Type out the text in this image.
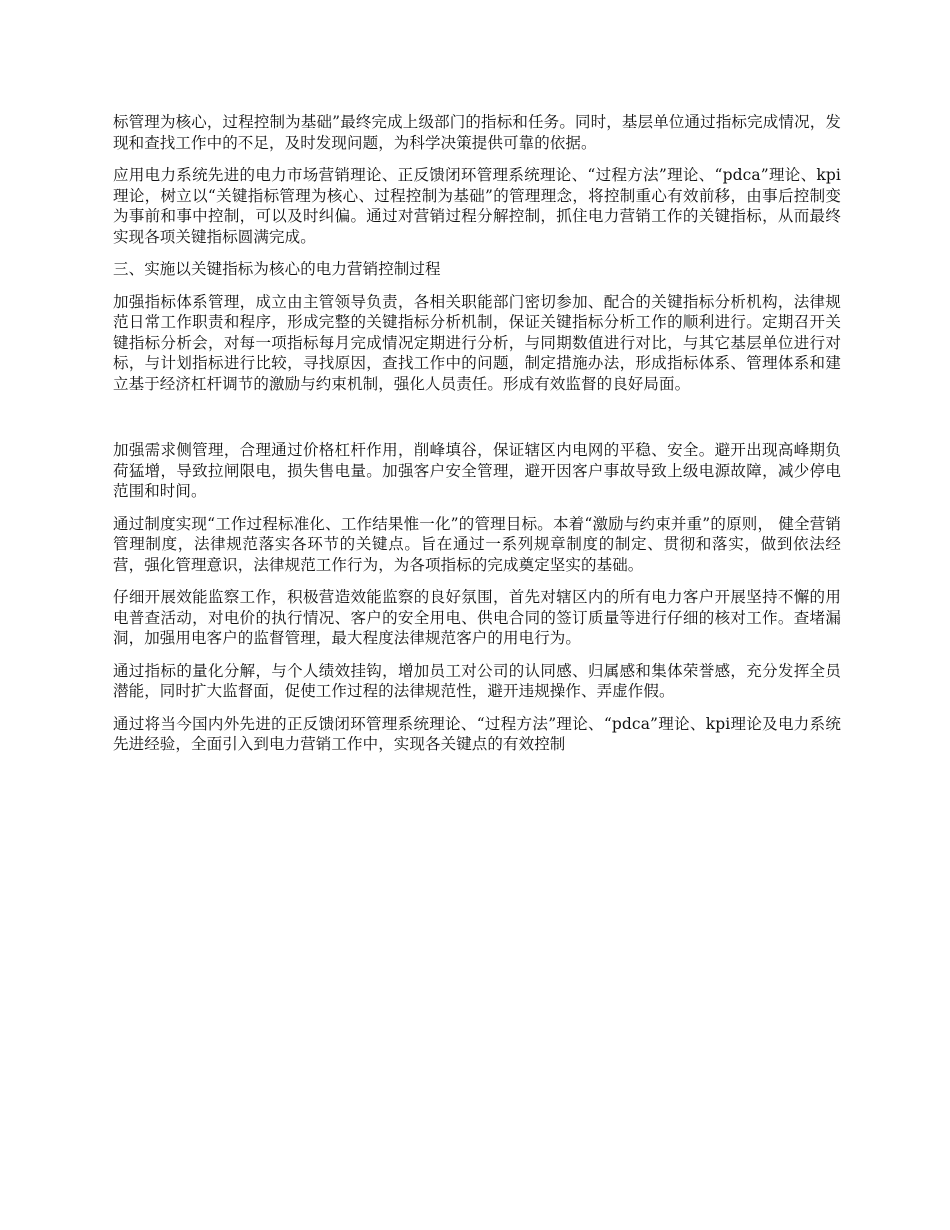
标管理为核心，过程控制为基础”最终完成上级部门的指标和任务。同时，基层单位通过指标完成情况，发现和查找工作中的不足，及时发现问题，为科学决策提供可靠的依据。

应用电力系统先进的电力市场营销理论、正反馈闭环管理系统理论、“过程方法”理论、“pdca”理论、kpi理论，树立以“关键指标管理为核心、过程控制为基础”的管理理念，将控制重心有效前移，由事后控制变为事前和事中控制，可以及时纠偏。通过对营销过程分解控制，抓住电力营销工作的关键指标，从而最终实现各项关键指标圆满完成。

三、实施以关键指标为核心的电力营销控制过程

加强指标体系管理，成立由主管领导负责，各相关职能部门密切参加、配合的关键指标分析机构，法律规范日常工作职责和程序，形成完整的关键指标分析机制，保证关键指标分析工作的顺利进行。定期召开关键指标分析会，对每一项指标每月完成情况定期进行分析，与同期数值进行对比，与其它基层单位进行对标，与计划指标进行比较，寻找原因，查找工作中的问题，制定措施办法，形成指标体系、管理体系和建立基于经济杠杆调节的激励与约束机制，强化人员责任。形成有效监督的良好局面。

加强需求侧管理，合理通过价格杠杆作用，削峰填谷，保证辖区内电网的平稳、安全。避开出现高峰期负荷猛增，导致拉闸限电，损失售电量。加强客户安全管理，避开因客户事故导致上级电源故障，减少停电范围和时间。

通过制度实现“工作过程标准化、工作结果惟一化”的管理目标。本着“激励与约束并重”的原则， 健全营销管理制度，法律规范落实各环节的关键点。旨在通过一系列规章制度的制定、贯彻和落实，做到依法经营，强化管理意识，法律规范工作行为，为各项指标的完成奠定坚实的基础。

仔细开展效能监察工作，积极营造效能监察的良好氛围，首先对辖区内的所有电力客户开展坚持不懈的用电普查活动，对电价的执行情况、客户的安全用电、供电合同的签订质量等进行仔细的核对工作。查堵漏洞，加强用电客户的监督管理，最大程度法律规范客户的用电行为。

通过指标的量化分解，与个人绩效挂钩，增加员工对公司的认同感、归属感和集体荣誉感，充分发挥全员潜能，同时扩大监督面，促使工作过程的法律规范性，避开违规操作、弄虚作假。

通过将当今国内外先进的正反馈闭环管理系统理论、“过程方法”理论、“pdca”理论、kpi理论及电力系统先进经验，全面引入到电力营销工作中，实现各关键点的有效控制
